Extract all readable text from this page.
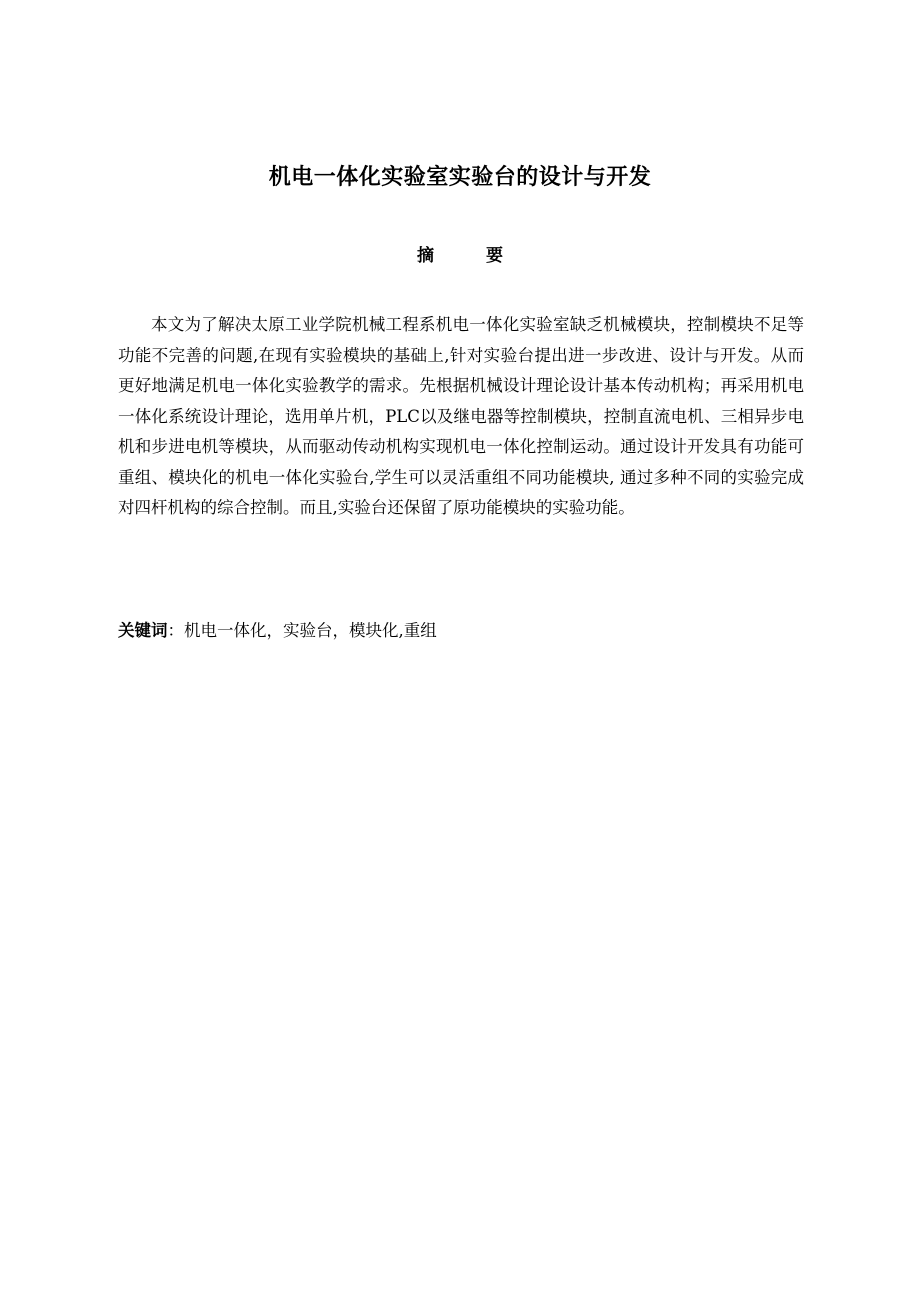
机电一体化实验室实验台的设计与开发
摘要

本文为了解决太原工业学院机械工程系机电一体化实验室缺乏机械模块，控制模块不足等功能不完善的问题,在现有实验模块的基础上,针对实验台提出进一步改进、设计与开发。从而更好地满足机电一体化实验教学的需求。先根据机械设计理论设计基本传动机构；再采用机电一体化系统设计理论，选用单片机，PLC以及继电器等控制模块，控制直流电机、三相异步电机和步进电机等模块，从而驱动传动机构实现机电一体化控制运动。通过设计开发具有功能可重组、模块化的机电一体化实验台,学生可以灵活重组不同功能模块, 通过多种不同的实验完成对四杆机构的综合控制。而且,实验台还保留了原功能模块的实验功能。

关键词：机电一体化，实验台，模块化,重组
